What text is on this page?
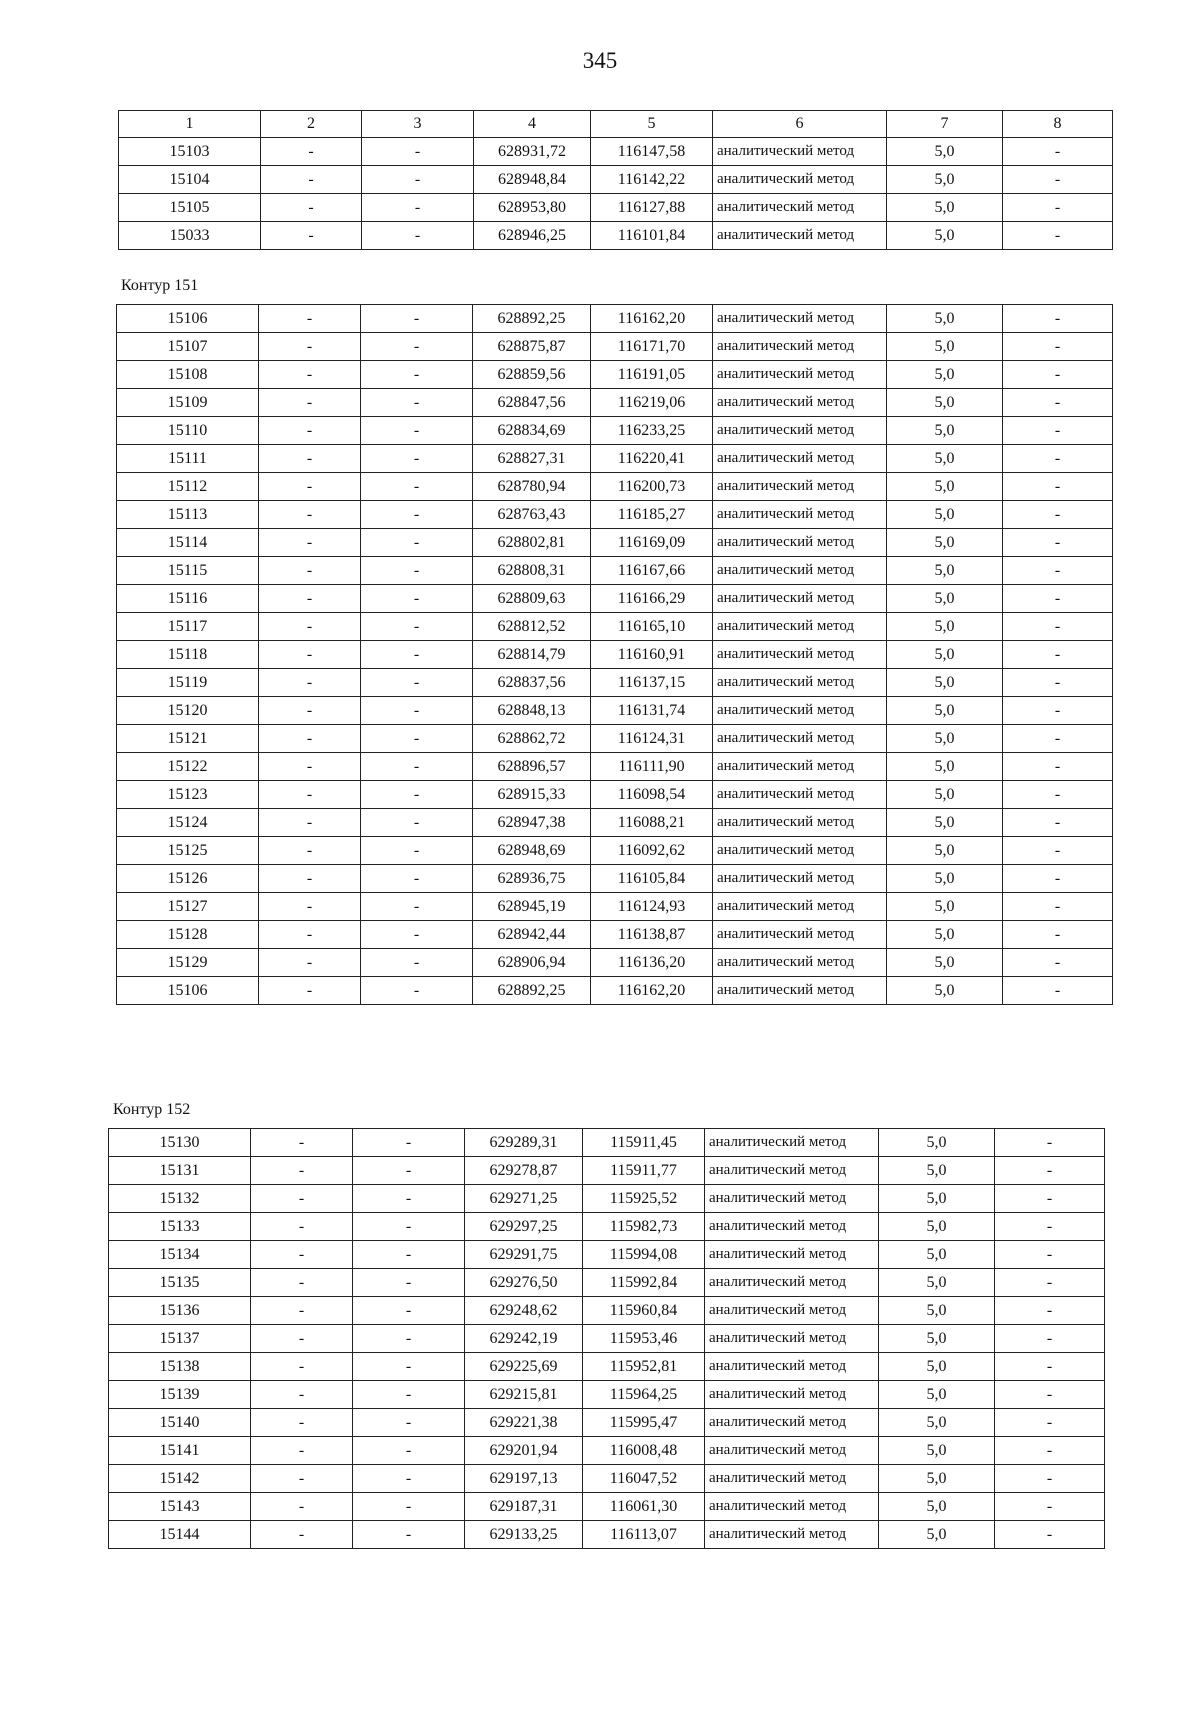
345
1	2	3	4	5	6	7	8
15103	-	-	628931,72	116147,58	аналитический метод	5,0	-
15104	-	-	628948,84	116142,22	аналитический метод	5,0	-
15105	-	-	628953,80	116127,88	аналитический метод	5,0	-
15033	-	-	628946,25	116101,84	аналитический метод	5,0	-
Контур 151
15106	-	-	628892,25	116162,20	аналитический метод	5,0	-
15107	-	-	628875,87	116171,70	аналитический метод	5,0	-
15108	-	-	628859,56	116191,05	аналитический метод	5,0	-
15109	-	-	628847,56	116219,06	аналитический метод	5,0	-
15110	-	-	628834,69	116233,25	аналитический метод	5,0	-
15111	-	-	628827,31	116220,41	аналитический метод	5,0	-
15112	-	-	628780,94	116200,73	аналитический метод	5,0	-
15113	-	-	628763,43	116185,27	аналитический метод	5,0	-
15114	-	-	628802,81	116169,09	аналитический метод	5,0	-
15115	-	-	628808,31	116167,66	аналитический метод	5,0	-
15116	-	-	628809,63	116166,29	аналитический метод	5,0	-
15117	-	-	628812,52	116165,10	аналитический метод	5,0	-
15118	-	-	628814,79	116160,91	аналитический метод	5,0	-
15119	-	-	628837,56	116137,15	аналитический метод	5,0	-
15120	-	-	628848,13	116131,74	аналитический метод	5,0	-
15121	-	-	628862,72	116124,31	аналитический метод	5,0	-
15122	-	-	628896,57	116111,90	аналитический метод	5,0	-
15123	-	-	628915,33	116098,54	аналитический метод	5,0	-
15124	-	-	628947,38	116088,21	аналитический метод	5,0	-
15125	-	-	628948,69	116092,62	аналитический метод	5,0	-
15126	-	-	628936,75	116105,84	аналитический метод	5,0	-
15127	-	-	628945,19	116124,93	аналитический метод	5,0	-
15128	-	-	628942,44	116138,87	аналитический метод	5,0	-
15129	-	-	628906,94	116136,20	аналитический метод	5,0	-
15106	-	-	628892,25	116162,20	аналитический метод	5,0	-
Контур 152
15130	-	-	629289,31	115911,45	аналитический метод	5,0	-
15131	-	-	629278,87	115911,77	аналитический метод	5,0	-
15132	-	-	629271,25	115925,52	аналитический метод	5,0	-
15133	-	-	629297,25	115982,73	аналитический метод	5,0	-
15134	-	-	629291,75	115994,08	аналитический метод	5,0	-
15135	-	-	629276,50	115992,84	аналитический метод	5,0	-
15136	-	-	629248,62	115960,84	аналитический метод	5,0	-
15137	-	-	629242,19	115953,46	аналитический метод	5,0	-
15138	-	-	629225,69	115952,81	аналитический метод	5,0	-
15139	-	-	629215,81	115964,25	аналитический метод	5,0	-
15140	-	-	629221,38	115995,47	аналитический метод	5,0	-
15141	-	-	629201,94	116008,48	аналитический метод	5,0	-
15142	-	-	629197,13	116047,52	аналитический метод	5,0	-
15143	-	-	629187,31	116061,30	аналитический метод	5,0	-
15144	-	-	629133,25	116113,07	аналитический метод	5,0	-
